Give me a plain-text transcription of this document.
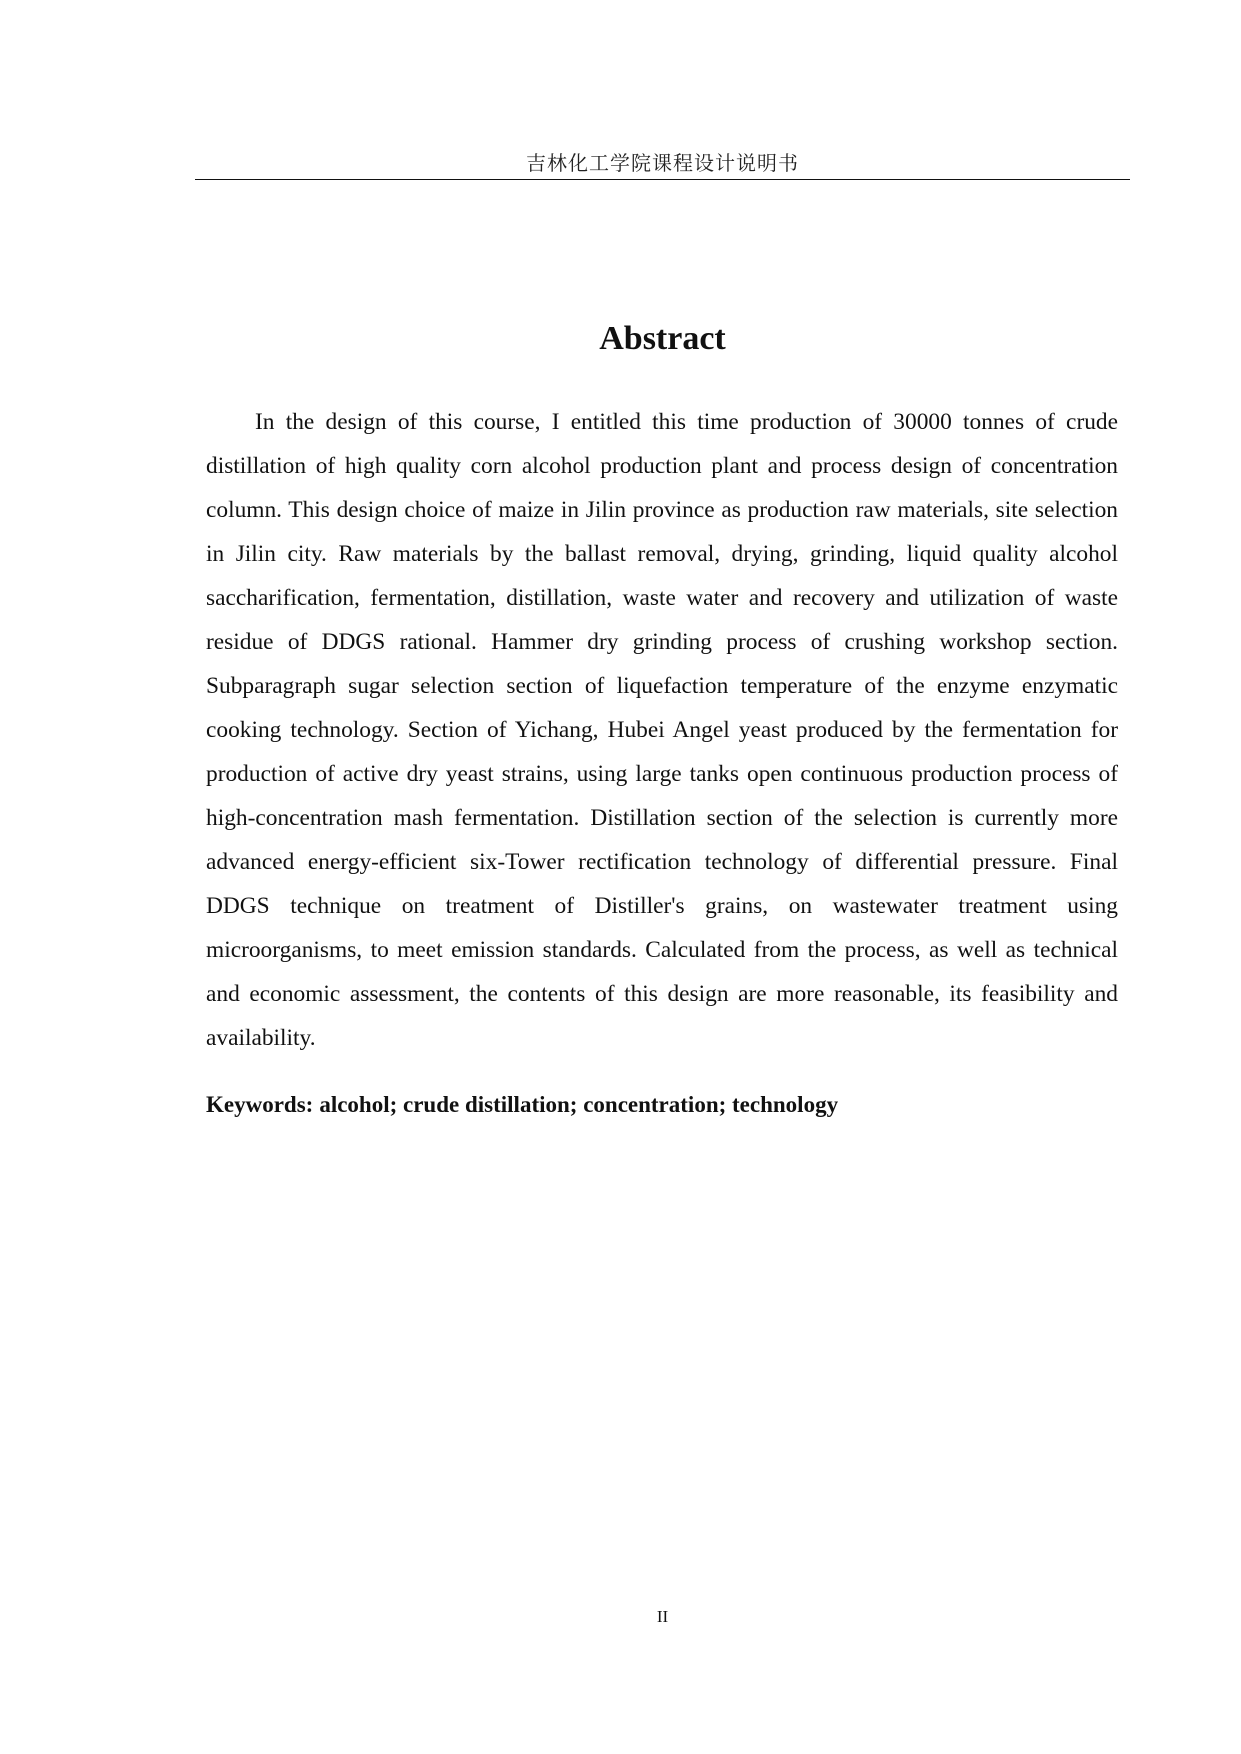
吉林化工学院课程设计说明书
Abstract

In the design of this course, I entitled this time production of 30000 tonnes of crude distillation of high quality corn alcohol production plant and process design of concentration column. This design choice of maize in Jilin province as production raw materials, site selection in Jilin city. Raw materials by the ballast removal, drying, grinding, liquid quality alcohol saccharification, fermentation, distillation, waste water and recovery and utilization of waste residue of DDGS rational. Hammer dry grinding process of crushing workshop section. Subparagraph sugar selection section of liquefaction temperature of the enzyme enzymatic cooking technology. Section of Yichang, Hubei Angel yeast produced by the fermentation for production of active dry yeast strains, using large tanks open continuous production process of high-concentration mash fermentation. Distillation section of the selection is currently more advanced energy-efficient six-Tower rectification technology of differential pressure. Final DDGS technique on treatment of Distiller's grains, on wastewater treatment using microorganisms, to meet emission standards. Calculated from the process, as well as technical and economic assessment, the contents of this design are more reasonable, its feasibility and availability.

Keywords: alcohol; crude distillation; concentration; technology

II
